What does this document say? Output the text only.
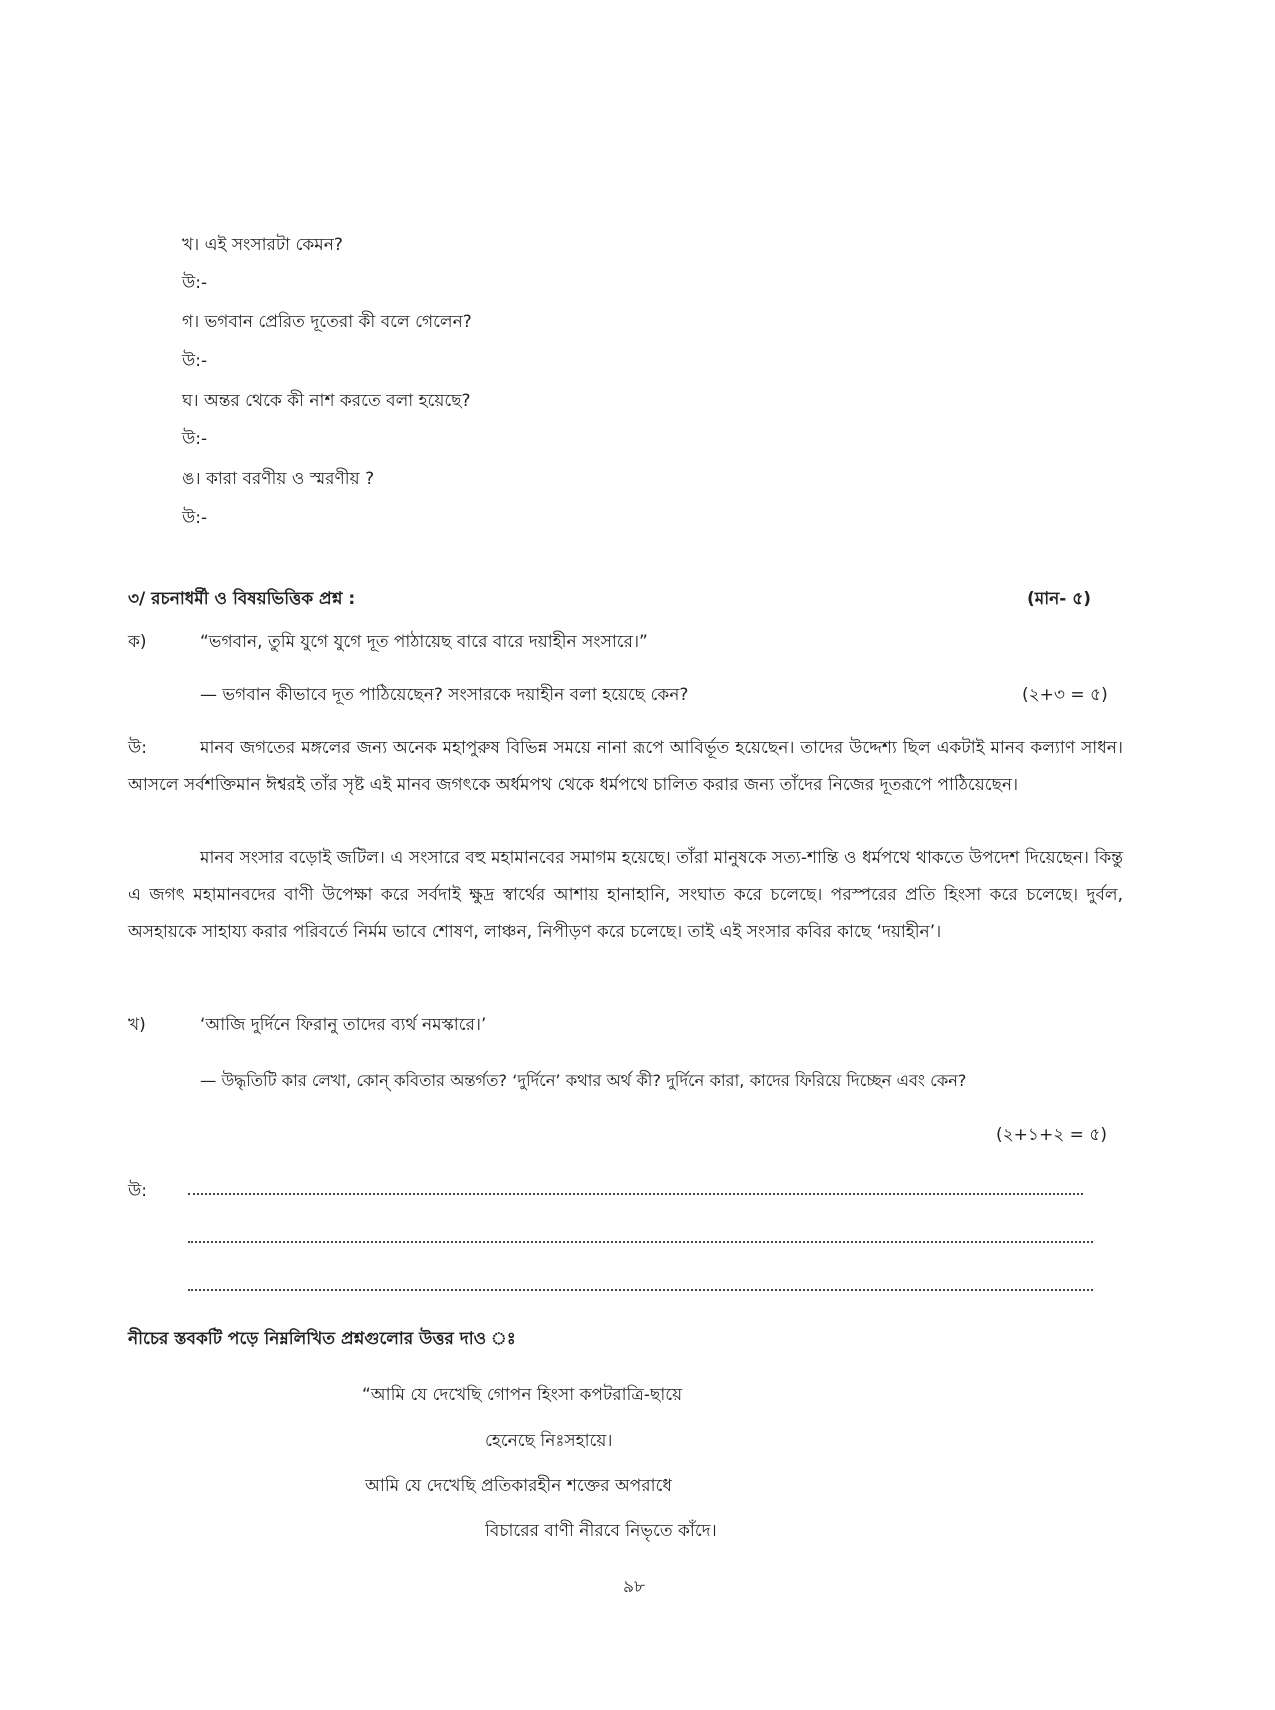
খ। এই সংসারটা কেমন?
উ:-
গ। ভগবান প্রেরিত দূতেরা কী বলে গেলেন?
উ:-
ঘ। অন্তর থেকে কী নাশ করতে বলা হয়েছে?
উ:-
ঙ। কারা বরণীয় ও স্মরণীয় ?
উ:-
৩/ রচনাধর্মী ও বিষয়ভিত্তিক প্রশ্ন :	(মান- ৫)
ক)	“ভগবান, তুমি যুগে যুগে দূত পাঠায়েছ বারে বারে দয়াহীন সংসারে।”
— ভগবান কীভাবে দূত পাঠিয়েছেন? সংসারকে দয়াহীন বলা হয়েছে কেন?	(২+৩ = ৫)
উ:	মানব জগতের মঙ্গলের জন্য অনেক মহাপুরুষ বিভিন্ন সময়ে নানা রূপে আবির্ভূত হয়েছেন। তাদের উদ্দেশ্য ছিল একটাই মানব কল্যাণ সাধন। আসলে সর্বশক্তিমান ঈশ্বরই তাঁর সৃষ্ট এই মানব জগৎকে অর্ধমপথ থেকে ধর্মপথে চালিত করার জন্য তাঁদের নিজের দূতরূপে পাঠিয়েছেন।
মানব সংসার বড়োই জটিল। এ সংসারে বহু মহামানবের সমাগম হয়েছে। তাঁরা মানুষকে সত্য-শান্তি ও ধর্মপথে থাকতে উপদেশ দিয়েছেন। কিন্তু এ জগৎ মহামানবদের বাণী উপেক্ষা করে সর্বদাই ক্ষুদ্র স্বার্থের আশায় হানাহানি, সংঘাত করে চলেছে। পরস্পরের প্রতি হিংসা করে চলেছে। দুর্বল, অসহায়কে সাহায্য করার পরিবর্তে নির্মম ভাবে শোষণ, লাঞ্চন, নিপীড়ণ করে চলেছে। তাই এই সংসার কবির কাছে ‘দয়াহীন’।
খ)	‘আজি দুর্দিনে ফিরানু তাদের ব্যর্থ নমস্কারে।’
— উদ্ধৃতিটি কার লেখা, কোন্ কবিতার অন্তর্গত? ‘দুর্দিনে’ কথার অর্থ কী? দুর্দিনে কারা, কাদের ফিরিয়ে দিচ্ছেন এবং কেন?
(২+১+২ = ৫)
উ:
নীচের স্তবকটি পড়ে নিম্নলিখিত প্রশ্নগুলোর উত্তর দাও ঃ
“আমি যে দেখেছি গোপন হিংসা কপটরাত্রি-ছায়ে
হেনেছে নিঃসহায়ে।
আমি যে দেখেছি প্রতিকারহীন শক্তের অপরাধে
বিচারের বাণী নীরবে নিভৃতে কাঁদে।
৯৮
